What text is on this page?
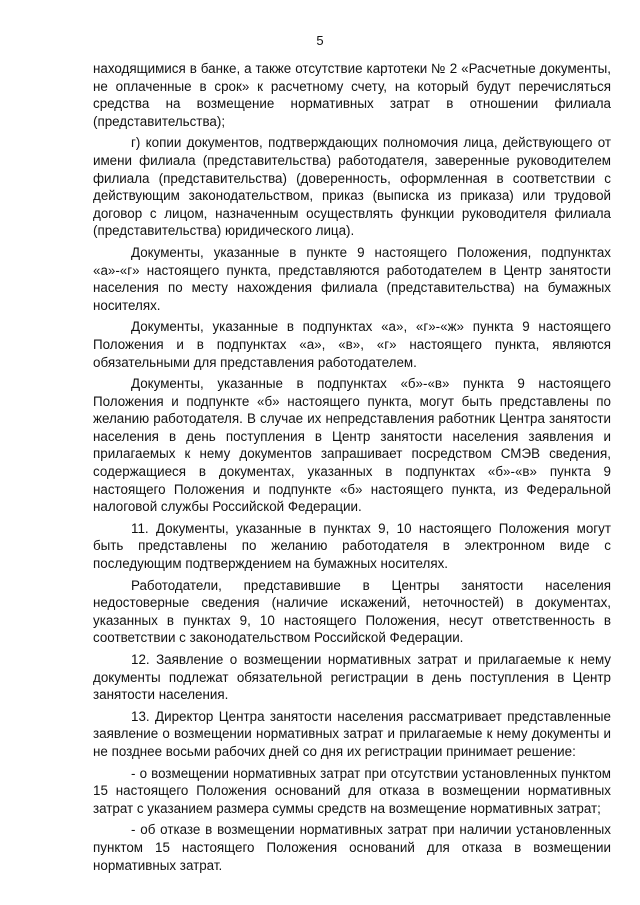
5

находящимися в банке, а также отсутствие картотеки № 2 «Расчетные документы, не оплаченные в срок» к расчетному счету, на который будут перечисляться средства на возмещение нормативных затрат в отношении филиала (представительства);

г) копии документов, подтверждающих полномочия лица, действующего от имени филиала (представительства) работодателя, заверенные руководителем филиала (представительства) (доверенность, оформленная в соответствии с действующим законодательством, приказ (выписка из приказа) или трудовой договор с лицом, назначенным осуществлять функции руководителя филиала (представительства) юридического лица).

Документы, указанные в пункте 9 настоящего Положения, подпунктах «а»-«г» настоящего пункта, представляются работодателем в Центр занятости населения по месту нахождения филиала (представительства) на бумажных носителях.

Документы, указанные в подпунктах «а», «г»-«ж» пункта 9 настоящего Положения и в подпунктах «а», «в», «г» настоящего пункта, являются обязательными для представления работодателем.

Документы, указанные в подпунктах «б»-«в» пункта 9 настоящего Положения и подпункте «б» настоящего пункта, могут быть представлены по желанию работодателя. В случае их непредставления работник Центра занятости населения в день поступления в Центр занятости населения заявления и прилагаемых к нему документов запрашивает посредством СМЭВ сведения, содержащиеся в документах, указанных в подпунктах «б»-«в» пункта 9 настоящего Положения и подпункте «б» настоящего пункта, из Федеральной налоговой службы Российской Федерации.

11. Документы, указанные в пунктах 9, 10 настоящего Положения могут быть представлены по желанию работодателя в электронном виде с последующим подтверждением на бумажных носителях.

Работодатели, представившие в Центры занятости населения недостоверные сведения (наличие искажений, неточностей) в документах, указанных в пунктах 9, 10 настоящего Положения, несут ответственность в соответствии с законодательством Российской Федерации.

12. Заявление о возмещении нормативных затрат и прилагаемые к нему документы подлежат обязательной регистрации в день поступления в Центр занятости населения.

13. Директор Центра занятости населения рассматривает представленные заявление о возмещении нормативных затрат и прилагаемые к нему документы и не позднее восьми рабочих дней со дня их регистрации принимает решение:

- о возмещении нормативных затрат при отсутствии установленных пунктом 15 настоящего Положения оснований для отказа в возмещении нормативных затрат с указанием размера суммы средств на возмещение нормативных затрат;

- об отказе в возмещении нормативных затрат при наличии установленных пунктом 15 настоящего Положения оснований для отказа в возмещении нормативных затрат.
